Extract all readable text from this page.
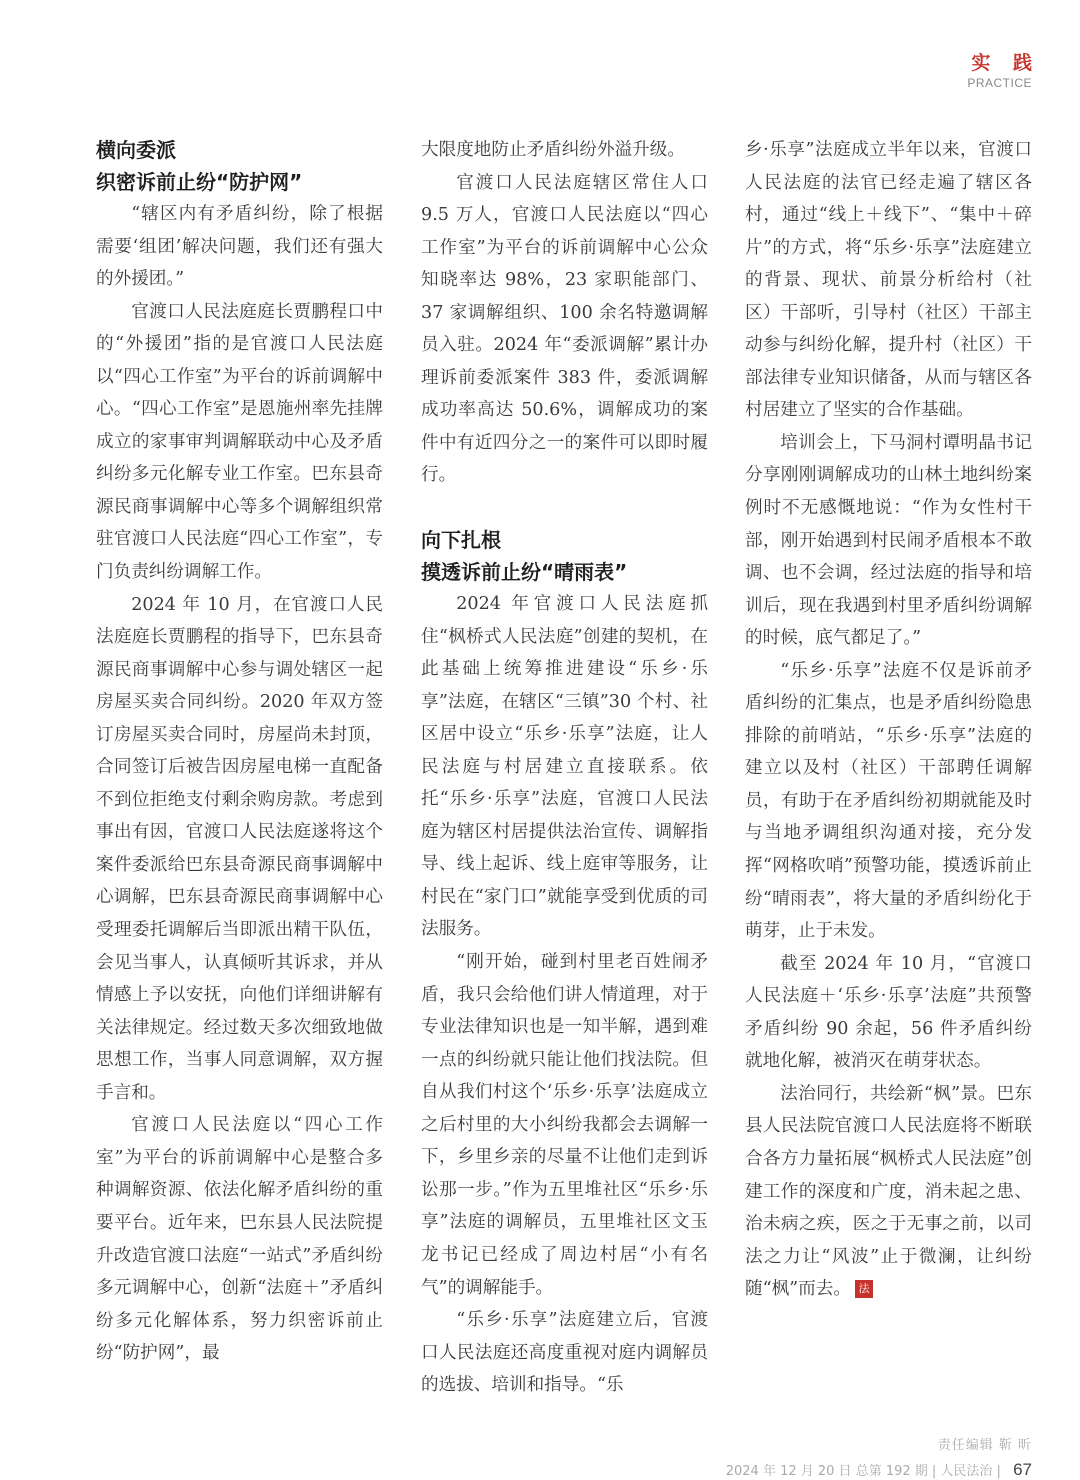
实 践
PRACTICE
横向委派
织密诉前止纷“防护网”

“辖区内有矛盾纠纷，除了根据需要‘组团’解决问题，我们还有强大的外援团。”

官渡口人民法庭庭长贾鹏程口中的“外援团”指的是官渡口人民法庭以“四心工作室”为平台的诉前调解中心。“四心工作室”是恩施州率先挂牌成立的家事审判调解联动中心及矛盾纠纷多元化解专业工作室。巴东县奇源民商事调解中心等多个调解组织常驻官渡口人民法庭“四心工作室”，专门负责纠纷调解工作。

2024 年 10 月，在官渡口人民法庭庭长贾鹏程的指导下，巴东县奇源民商事调解中心参与调处辖区一起房屋买卖合同纠纷。2020 年双方签订房屋买卖合同时，房屋尚未封顶，合同签订后被告因房屋电梯一直配备不到位拒绝支付剩余购房款。考虑到事出有因，官渡口人民法庭遂将这个案件委派给巴东县奇源民商事调解中心调解，巴东县奇源民商事调解中心受理委托调解后当即派出精干队伍，会见当事人，认真倾听其诉求，并从情感上予以安抚，向他们详细讲解有关法律规定。经过数天多次细致地做思想工作，当事人同意调解，双方握手言和。

官渡口人民法庭以“四心工作室”为平台的诉前调解中心是整合多种调解资源、依法化解矛盾纠纷的重要平台。近年来，巴东县人民法院提升改造官渡口法庭“一站式”矛盾纠纷多元调解中心，创新“法庭＋”矛盾纠纷多元化解体系，努力织密诉前止纷“防护网”，最

大限度地防止矛盾纠纷外溢升级。

官渡口人民法庭辖区常住人口 9.5 万人，官渡口人民法庭以“四心工作室”为平台的诉前调解中心公众知晓率达 98%，23 家职能部门、37 家调解组织、100 余名特邀调解员入驻。2024 年“委派调解”累计办理诉前委派案件 383 件，委派调解成功率高达 50.6%，调解成功的案件中有近四分之一的案件可以即时履行。

向下扎根
摸透诉前止纷“晴雨表”

2024 年官渡口人民法庭抓住“枫桥式人民法庭”创建的契机，在此基础上统筹推进建设“乐乡·乐享”法庭，在辖区“三镇”30 个村、社区居中设立“乐乡·乐享”法庭，让人民法庭与村居建立直接联系。依托“乐乡·乐享”法庭，官渡口人民法庭为辖区村居提供法治宣传、调解指导、线上起诉、线上庭审等服务，让村民在“家门口”就能享受到优质的司法服务。

“刚开始，碰到村里老百姓闹矛盾，我只会给他们讲人情道理，对于专业法律知识也是一知半解，遇到难一点的纠纷就只能让他们找法院。但自从我们村这个‘乐乡·乐享’法庭成立之后村里的大小纠纷我都会去调解一下，乡里乡亲的尽量不让他们走到诉讼那一步。”作为五里堆社区“乐乡·乐享”法庭的调解员，五里堆社区文玉龙书记已经成了周边村居“小有名气”的调解能手。

“乐乡·乐享”法庭建立后，官渡口人民法庭还高度重视对庭内调解员的选拔、培训和指导。“乐

乡·乐享”法庭成立半年以来，官渡口人民法庭的法官已经走遍了辖区各村，通过“线上＋线下”、“集中＋碎片”的方式，将“乐乡·乐享”法庭建立的背景、现状、前景分析给村（社区）干部听，引导村（社区）干部主动参与纠纷化解，提升村（社区）干部法律专业知识储备，从而与辖区各村居建立了坚实的合作基础。

培训会上，下马洞村谭明晶书记分享刚刚调解成功的山林土地纠纷案例时不无感慨地说：“作为女性村干部，刚开始遇到村民闹矛盾根本不敢调、也不会调，经过法庭的指导和培训后，现在我遇到村里矛盾纠纷调解的时候，底气都足了。”

“乐乡·乐享”法庭不仅是诉前矛盾纠纷的汇集点，也是矛盾纠纷隐患排除的前哨站，“乐乡·乐享”法庭的建立以及村（社区）干部聘任调解员，有助于在矛盾纠纷初期就能及时与当地矛调组织沟通对接，充分发挥“网格吹哨”预警功能，摸透诉前止纷“晴雨表”，将大量的矛盾纠纷化于萌芽，止于未发。

截至 2024 年 10 月，“官渡口人民法庭＋‘乐乡·乐享’法庭”共预警矛盾纠纷 90 余起，56 件矛盾纠纷就地化解，被消灭在萌芽状态。

法治同行，共绘新“枫”景。巴东县人民法院官渡口人民法庭将不断联合各方力量拓展“枫桥式人民法庭”创建工作的深度和广度，消未起之患、治未病之疾，医之于无事之前，以司法之力让“风波”止于微澜，让纠纷随“枫”而去。 法

责任编辑 靳 昕
2024 年 12 月 20 日 总第 192 期 | 人民法治 | 67
